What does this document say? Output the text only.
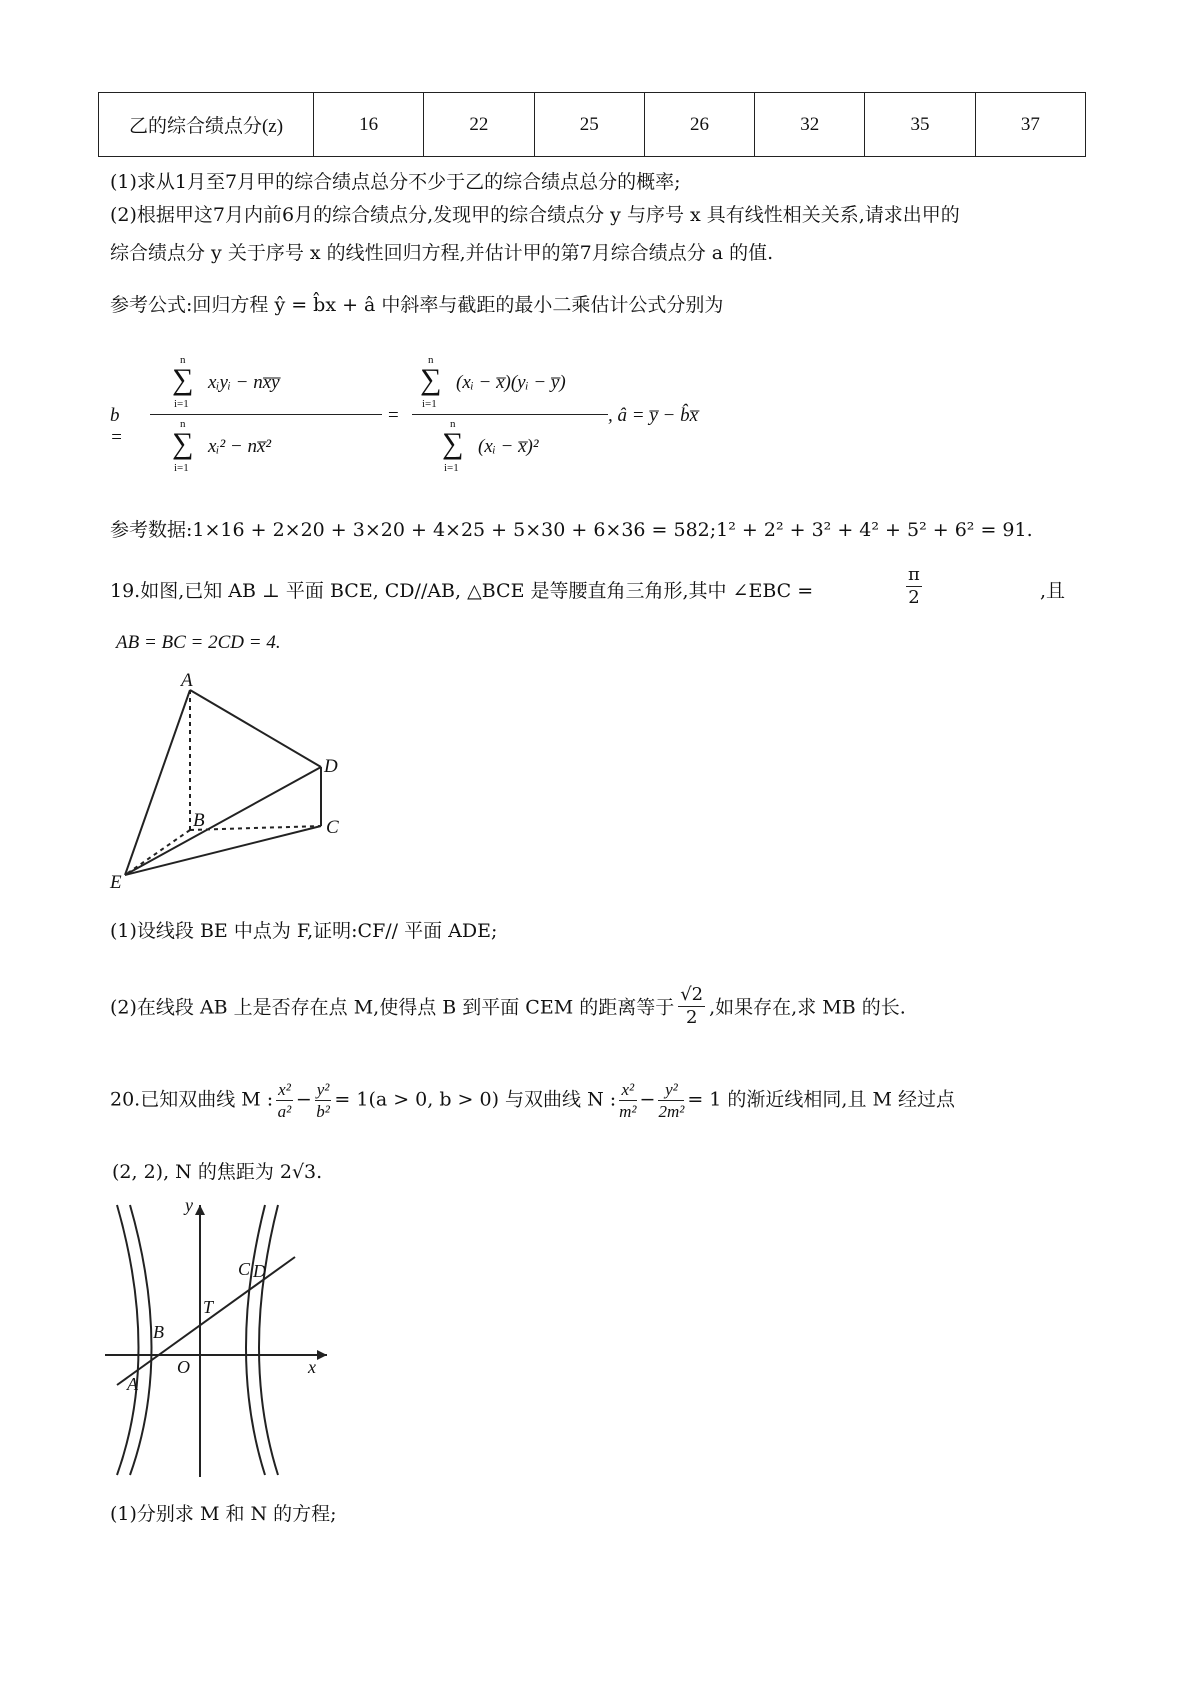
乙的综合绩点分(z)	16	22	25	26	32	35	37
(1)求从1月至7月甲的综合绩点总分不少于乙的综合绩点总分的概率;
(2)根据甲这7月内前6月的综合绩点分,发现甲的综合绩点分 y 与序号 x 具有线性相关关系,请求出甲的
综合绩点分 y 关于序号 x 的线性回归方程,并估计甲的第7月综合绩点分 a 的值.
参考公式:回归方程 ŷ = b̂x + â 中斜率与截距的最小二乘估计公式分别为
b =
n
∑
i=1
xᵢyᵢ − nx̅y̅
n
∑
i=1
xᵢ² − nx̅²
=
n
∑
i=1
(xᵢ − x̅)(yᵢ − y̅)
n
∑
i=1
(xᵢ − x̅)²
, â = y̅ − b̂x̅
参考数据:1×16 + 2×20 + 3×20 + 4×25 + 5×30 + 6×36 = 582;1² + 2² + 3² + 4² + 5² + 6² = 91.
19.如图,已知 AB ⊥ 平面 BCE, CD//AB, △BCE 是等腰直角三角形,其中 ∠EBC =	$\frac{\pi}{2}$	,且
AB = BC = 2CD = 4.
A
B	C
D
E
(1)设线段 BE 中点为 F,证明:CF// 平面 ADE;
(2)在线段 AB 上是否存在点 M,使得点 B 到平面 CEM 的距离等于 $\frac{√2}{2}$ ,如果存在,求 MB 的长.
20.已知双曲线 M : $\frac{\text{x²}}{\text{a²}} - \frac{\text{y²}}{\text{b²}} = 1(a > 0$, b > 0) 与双曲线 N : $\frac{\text{x²}}{\text{m²}} - \frac{\text{y²}}{\text{2m²}} = 1$ 的渐近线相同,且 M 经过点
(2, 2), N 的焦距为 2√3.
y
x
O
T
A
B
C D
(1)分别求 M 和 N 的方程;
